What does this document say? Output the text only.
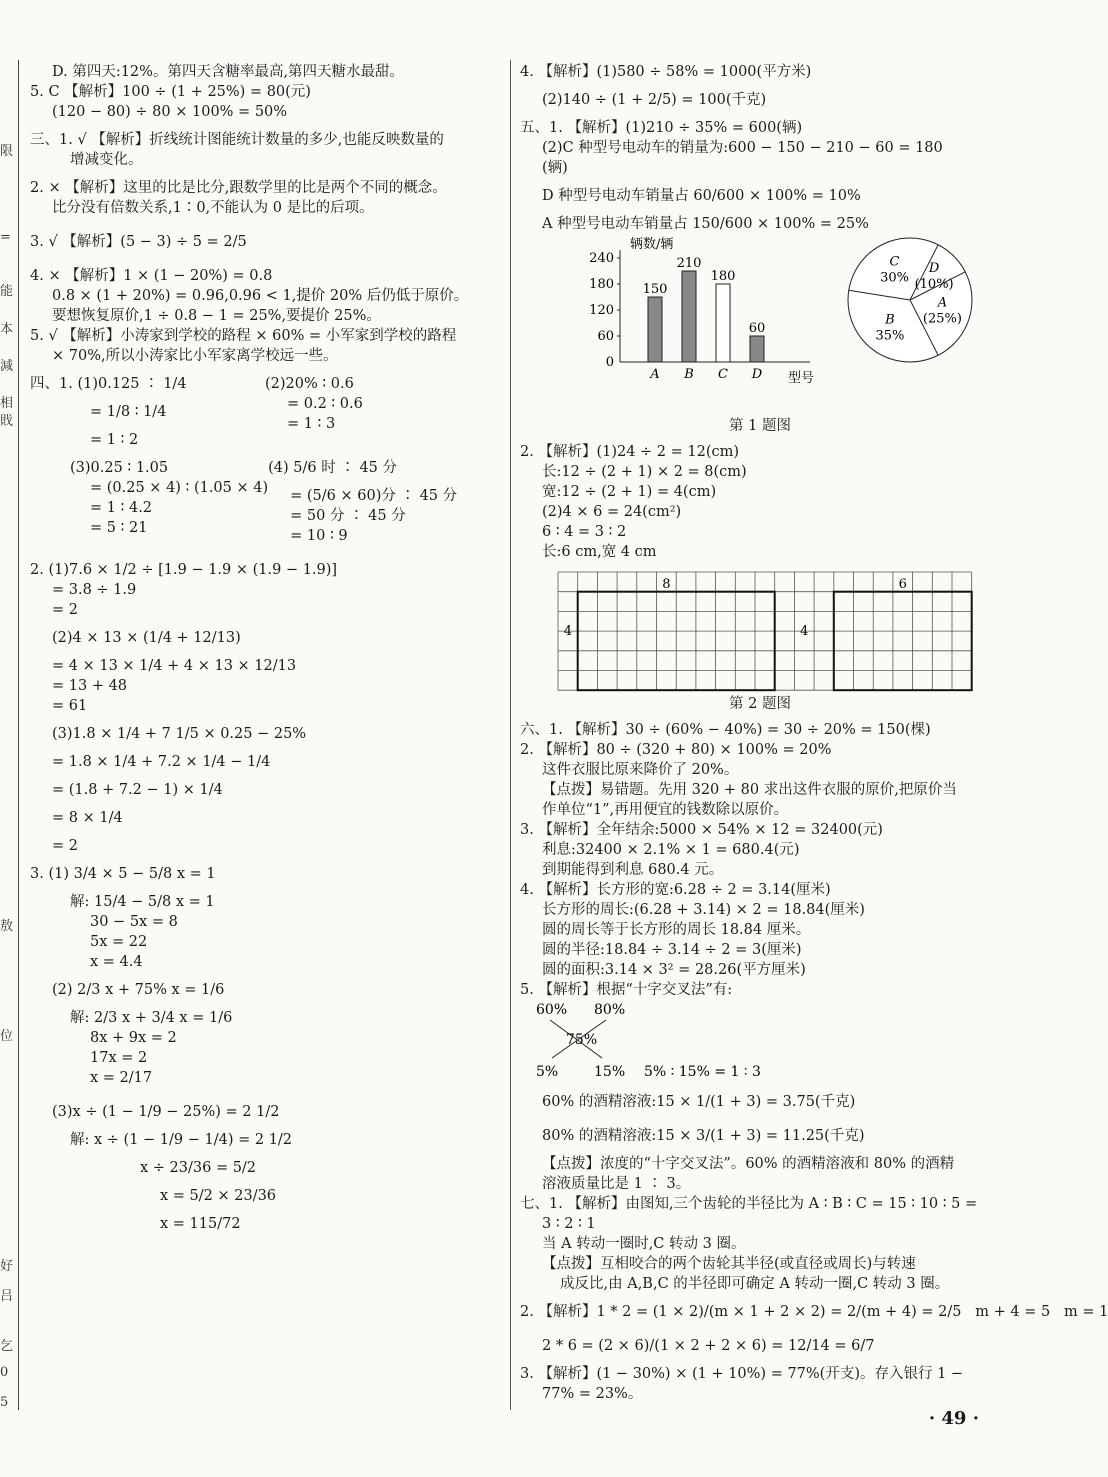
限
=
能
本
減
相
戝
敖
位
好
吕
乞
0
5

D. 第四天:12%。第四天含糖率最高,第四天糖水最甜。

5. C 【解析】100 ÷ (1 + 25%) = 80(元)

(120 − 80) ÷ 80 × 100% = 50%

三、1. √ 【解析】折线统计图能统计数量的多少,也能反映数量的

增减变化。

2. × 【解析】这里的比是比分,跟数学里的比是两个不同的概念。

比分没有倍数关系,1∶0,不能认为 0 是比的后项。

3. √ 【解析】(5 − 3) ÷ 5 = 2/5

4. × 【解析】1 × (1 − 20%) = 0.8

0.8 × (1 + 20%) = 0.96,0.96 < 1,提价 20% 后仍低于原价。

要想恢复原价,1 ÷ 0.8 − 1 = 25%,要提价 25%。

5. √ 【解析】小涛家到学校的路程 × 60% = 小军家到学校的路程

× 70%,所以小涛家比小军家离学校远一些。

四、1. (1)0.125 ∶ 1/4

= 1/8 ∶ 1/4

= 1 ∶ 2

(2)20% ∶ 0.6

= 0.2 ∶ 0.6

= 1 ∶ 3

(3)0.25 ∶ 1.05

= (0.25 × 4) ∶ (1.05 × 4)

= 1 ∶ 4.2

= 5 ∶ 21

(4) 5/6 时 ∶ 45 分

= (5/6 × 60)分 ∶ 45 分

= 50 分 ∶ 45 分

= 10 ∶ 9

2. (1)7.6 × 1/2 ÷ [1.9 − 1.9 × (1.9 − 1.9)]

= 3.8 ÷ 1.9

= 2

(2)4 × 13 × (1/4 + 12/13)

= 4 × 13 × 1/4 + 4 × 13 × 12/13

= 13 + 48

= 61

(3)1.8 × 1/4 + 7 1/5 × 0.25 − 25%

= 1.8 × 1/4 + 7.2 × 1/4 − 1/4

= (1.8 + 7.2 − 1) × 1/4

= 8 × 1/4

= 2

3. (1) 3/4 × 5 − 5/8 x = 1

解: 15/4 − 5/8 x = 1

30 − 5x = 8

5x = 22

x = 4.4

(2) 2/3 x + 75% x = 1/6

解: 2/3 x + 3/4 x = 1/6

8x + 9x = 2

17x = 2

x = 2/17

(3)x ÷ (1 − 1/9 − 25%) = 2 1/2

解: x ÷ (1 − 1/9 − 1/4) = 2 1/2

x ÷ 23/36 = 5/2

x = 5/2 × 23/36

x = 115/72

4. 【解析】(1)580 ÷ 58% = 1000(平方米)

(2)140 ÷ (1 + 2/5) = 100(千克)

五、1. 【解析】(1)210 ÷ 35% = 600(辆)

(2)C 种型号电动车的销量为:600 − 150 − 210 − 60 = 180

(辆)

D 种型号电动车销量占 60/600 × 100% = 10%

A 种型号电动车销量占 150/600 × 100% = 25%

辆数/辆
型号
0
60
120
180
240
150
A
210
B
180
C
60
D
C
30%
D
(10%)
A
(25%)
B
35%

第 1 题图

2. 【解析】(1)24 ÷ 2 = 12(cm)

长:12 ÷ (2 + 1) × 2 = 8(cm)

宽:12 ÷ (2 + 1) = 4(cm)

(2)4 × 6 = 24(cm²)

6 ∶ 4 = 3 ∶ 2

长:6 cm,宽 4 cm

8
4
6
4

第 2 题图

六、1. 【解析】30 ÷ (60% − 40%) = 30 ÷ 20% = 150(棵)

2. 【解析】80 ÷ (320 + 80) × 100% = 20%

这件衣服比原来降价了 20%。

【点拨】易错题。先用 320 + 80 求出这件衣服的原价,把原价当

作单位“1”,再用便宜的钱数除以原价。

3. 【解析】全年结余:5000 × 54% × 12 = 32400(元)

利息:32400 × 2.1% × 1 = 680.4(元)

到期能得到利息 680.4 元。

4. 【解析】长方形的宽:6.28 ÷ 2 = 3.14(厘米)

长方形的周长:(6.28 + 3.14) × 2 = 18.84(厘米)

圆的周长等于长方形的周长 18.84 厘米。

圆的半径:18.84 ÷ 3.14 ÷ 2 = 3(厘米)

圆的面积:3.14 × 3² = 28.26(平方厘米)

5. 【解析】根据“十字交叉法”有:

60% 80%
75%
5%	15% 5% ∶ 15% = 1 ∶ 3

60% 的酒精溶液:15 × 1/(1 + 3) = 3.75(千克)

80% 的酒精溶液:15 × 3/(1 + 3) = 11.25(千克)

【点拨】浓度的“十字交叉法”。60% 的酒精溶液和 80% 的酒精

溶液质量比是 1 ∶ 3。

七、1. 【解析】由图知,三个齿轮的半径比为 A ∶ B ∶ C = 15 ∶ 10 ∶ 5 =

3 ∶ 2 ∶ 1

当 A 转动一圈时,C 转动 3 圈。

【点拨】互相咬合的两个齿轮其半径(或直径或周长)与转速

成反比,由 A,B,C 的半径即可确定 A 转动一圈,C 转动 3 圈。

2. 【解析】1 * 2 = (1 × 2)/(m × 1 + 2 × 2) = 2/(m + 4) = 2/5   m + 4 = 5   m = 1

2 * 6 = (2 × 6)/(1 × 2 + 2 × 6) = 12/14 = 6/7

3. 【解析】(1 − 30%) × (1 + 10%) = 77%(开支)。存入银行 1 −

77% = 23%。

· 49 ·
